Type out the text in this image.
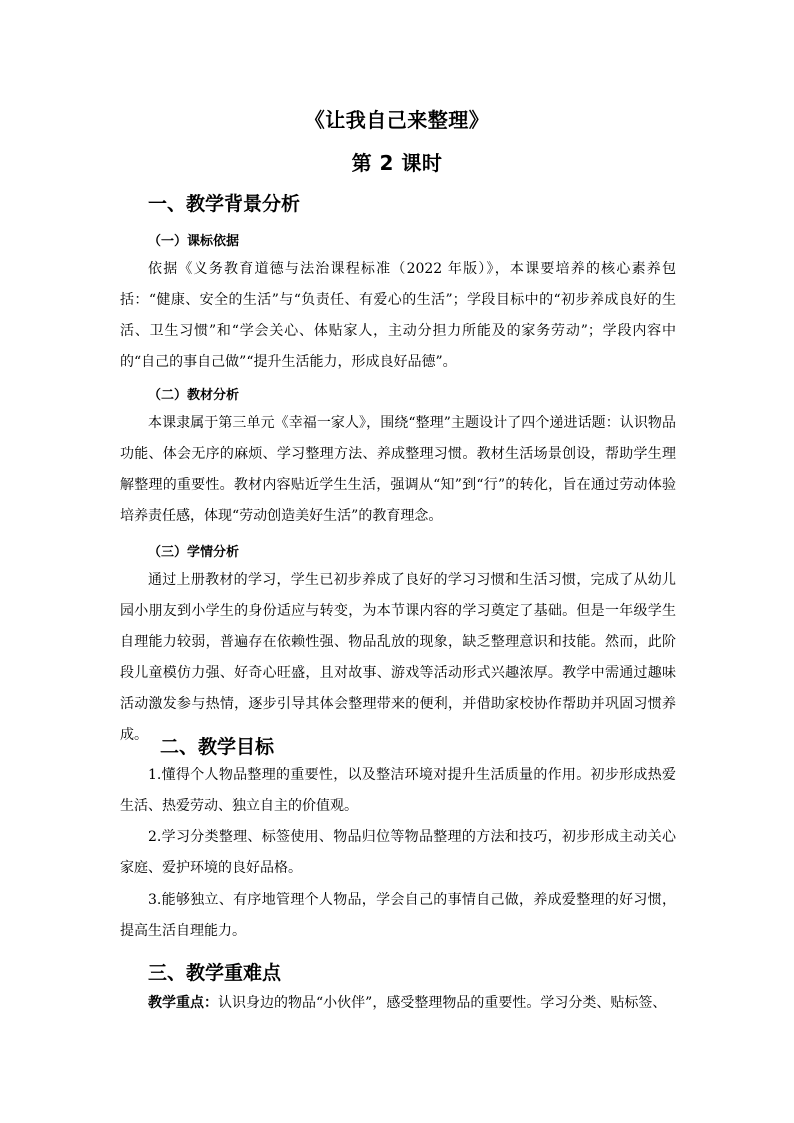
《让我自己来整理》
第 2 课时
一、教学背景分析
（一）课标依据

依据《义务教育道德与法治课程标准（2022 年版）》，本课要培养的核心素养包括：“健康、安全的生活”与“负责任、有爱心的生活”；学段目标中的“初步养成良好的生活、卫生习惯”和“学会关心、体贴家人，主动分担力所能及的家务劳动”；学段内容中的“自己的事自己做”“提升生活能力，形成良好品德”。

（二）教材分析

本课隶属于第三单元《幸福一家人》，围绕“整理”主题设计了四个递进话题：认识物品功能、体会无序的麻烦、学习整理方法、养成整理习惯。教材生活场景创设，帮助学生理解整理的重要性。教材内容贴近学生生活，强调从“知”到“行”的转化，旨在通过劳动体验培养责任感，体现“劳动创造美好生活”的教育理念。

（三）学情分析

通过上册教材的学习，学生已初步养成了良好的学习习惯和生活习惯，完成了从幼儿园小朋友到小学生的身份适应与转变，为本节课内容的学习奠定了基础。但是一年级学生自理能力较弱，普遍存在依赖性强、物品乱放的现象，缺乏整理意识和技能。然而，此阶段儿童模仿力强、好奇心旺盛，且对故事、游戏等活动形式兴趣浓厚。教学中需通过趣味活动激发参与热情，逐步引导其体会整理带来的便利，并借助家校协作帮助并巩固习惯养成。

二、教学目标

1.懂得个人物品整理的重要性，以及整洁环境对提升生活质量的作用。初步形成热爱生活、热爱劳动、独立自主的价值观。

2.学习分类整理、标签使用、物品归位等物品整理的方法和技巧，初步形成主动关心家庭、爱护环境的良好品格。

3.能够独立、有序地管理个人物品，学会自己的事情自己做，养成爱整理的好习惯，提高生活自理能力。

三、教学重难点

教学重点：认识身边的物品“小伙伴”，感受整理物品的重要性。学习分类、贴标签、
